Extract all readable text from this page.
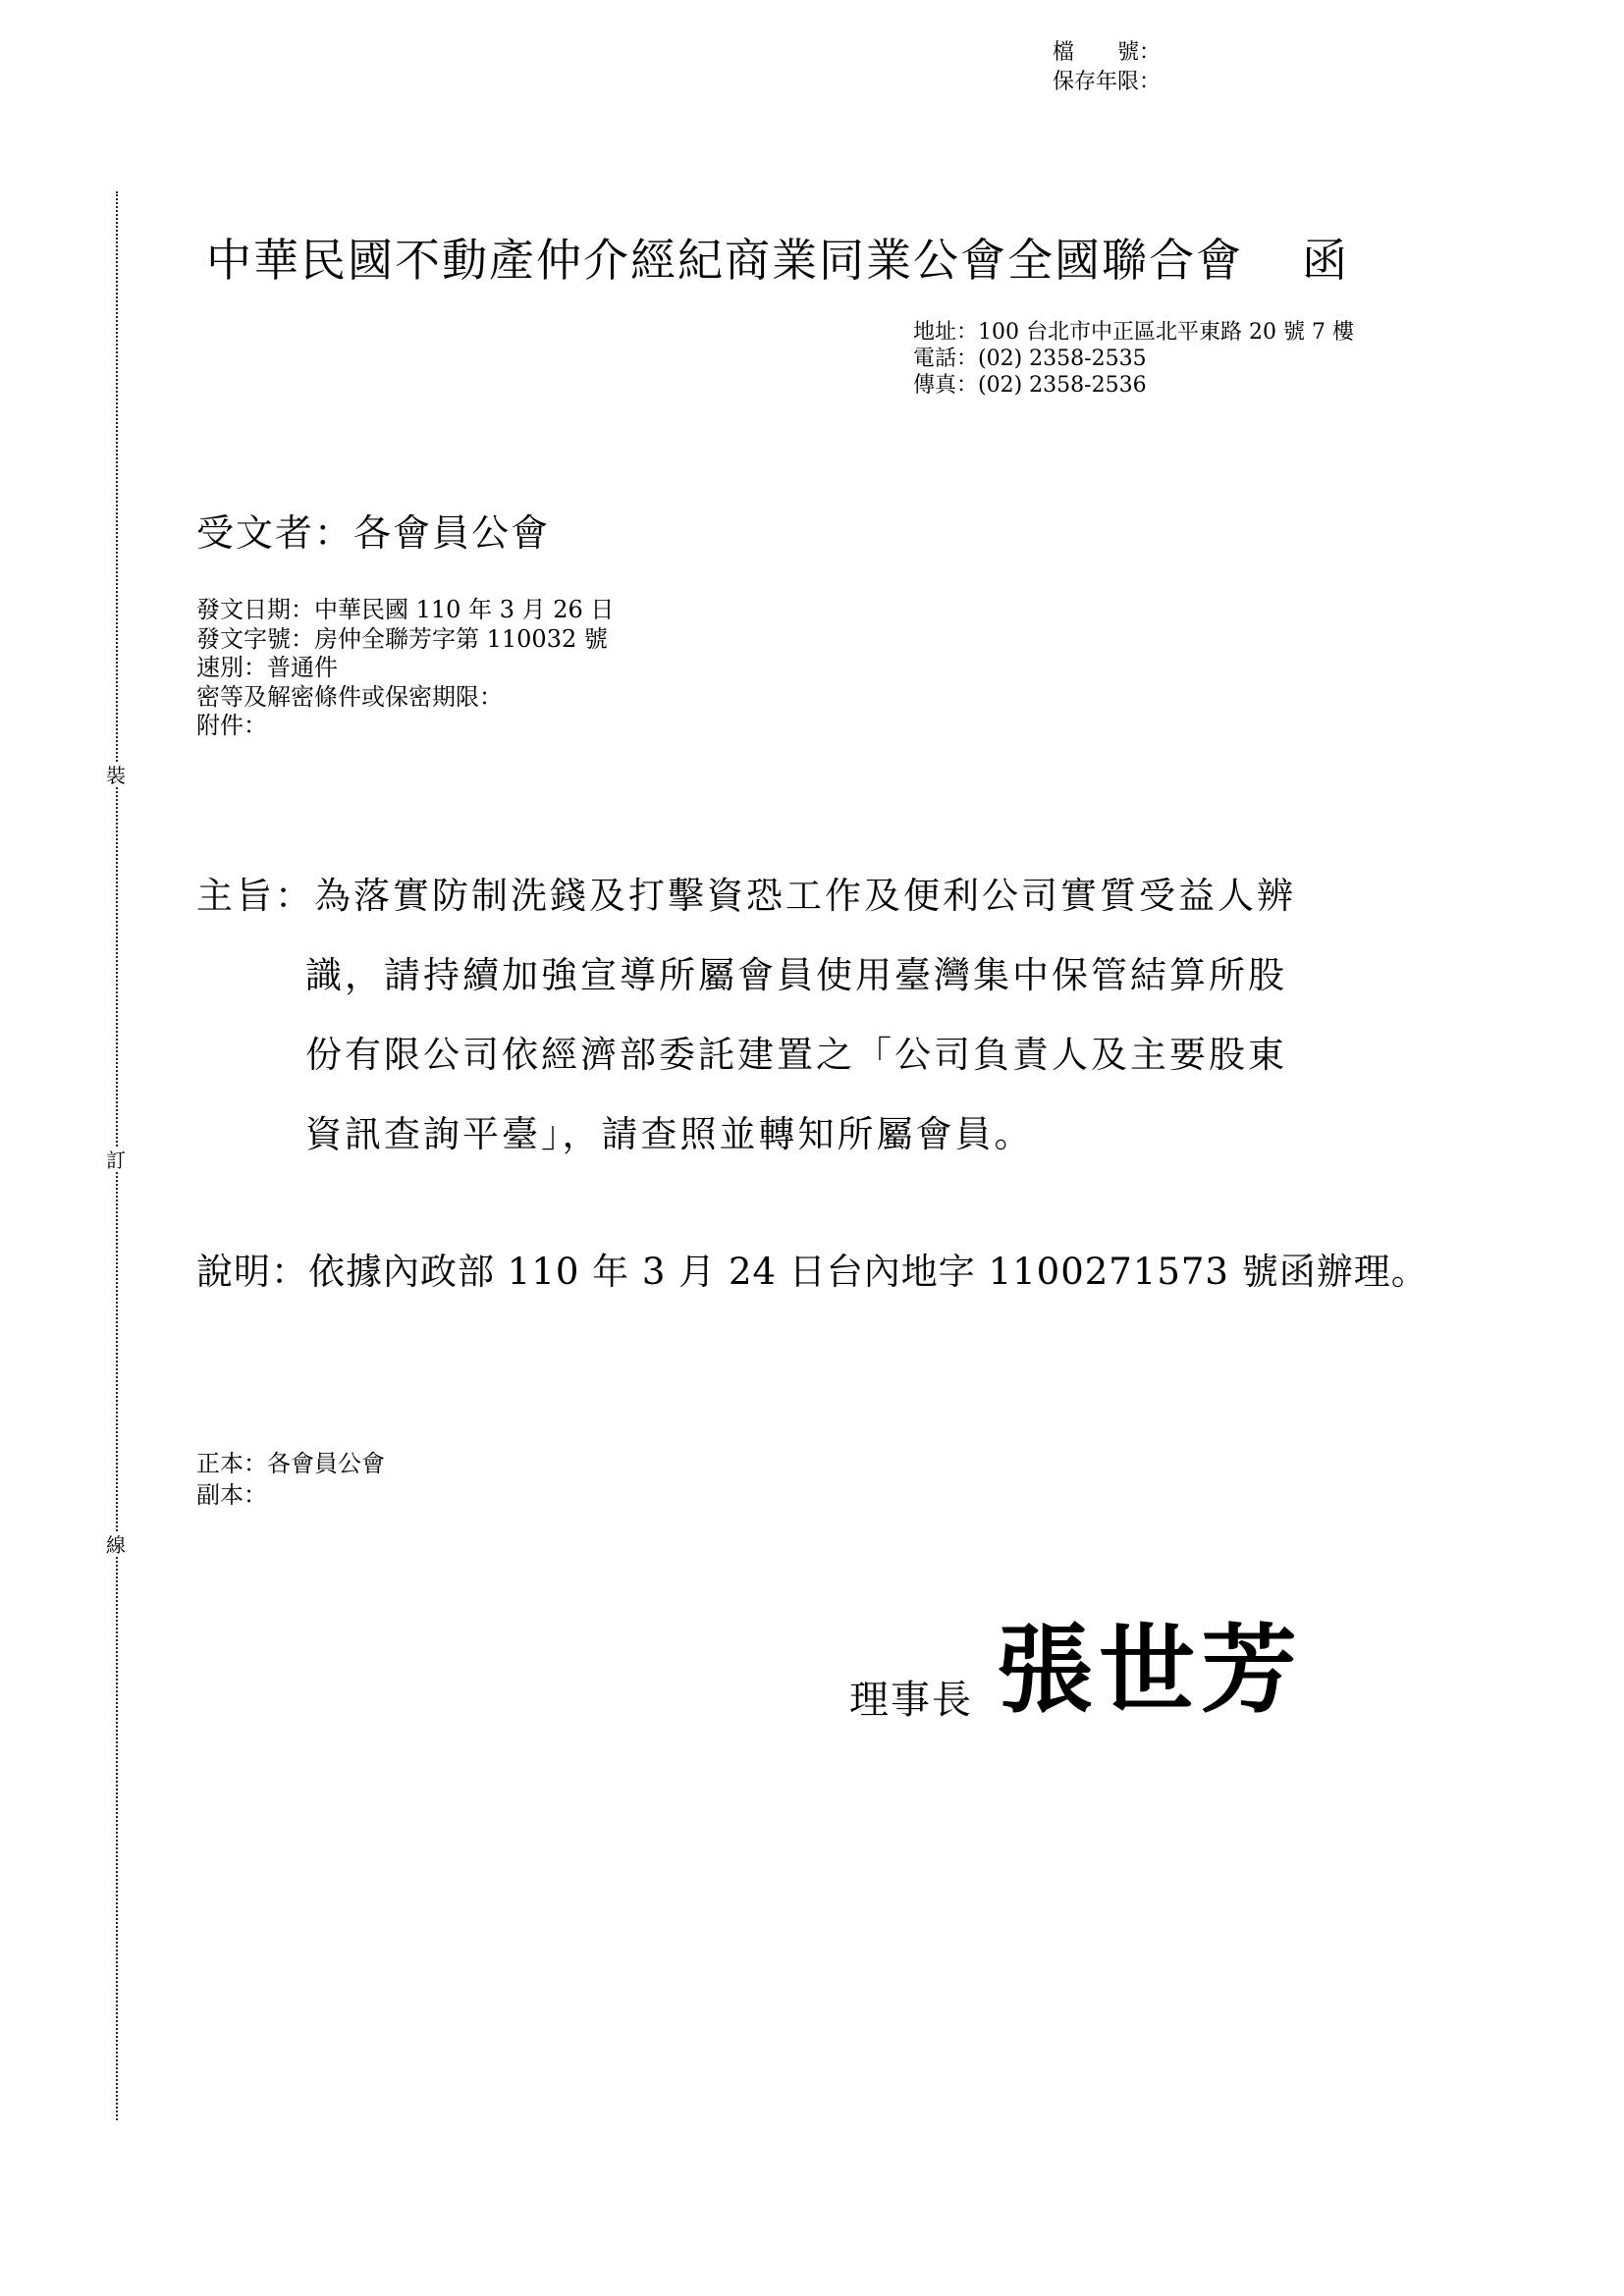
裝
訂
線
檔　　號：
保存年限：
中華民國不動產仲介經紀商業同業公會全國聯合會 函
地址：100 台北市中正區北平東路 20 號 7 樓
電話：(02) 2358-2535
傳真：(02) 2358-2536
受文者：各會員公會
發文日期：中華民國 110 年 3 月 26 日
發文字號：房仲全聯芳字第 110032 號
速別：普通件
密等及解密條件或保密期限：
附件：
主旨：為落實防制洗錢及打擊資恐工作及便利公司實質受益人辨
識，請持續加強宣導所屬會員使用臺灣集中保管結算所股
份有限公司依經濟部委託建置之「公司負責人及主要股東
資訊查詢平臺」，請查照並轉知所屬會員。
說明：依據內政部 110 年 3 月 24 日台內地字 1100271573 號函辦理。
正本：各會員公會
副本：
理事長 張世芳
